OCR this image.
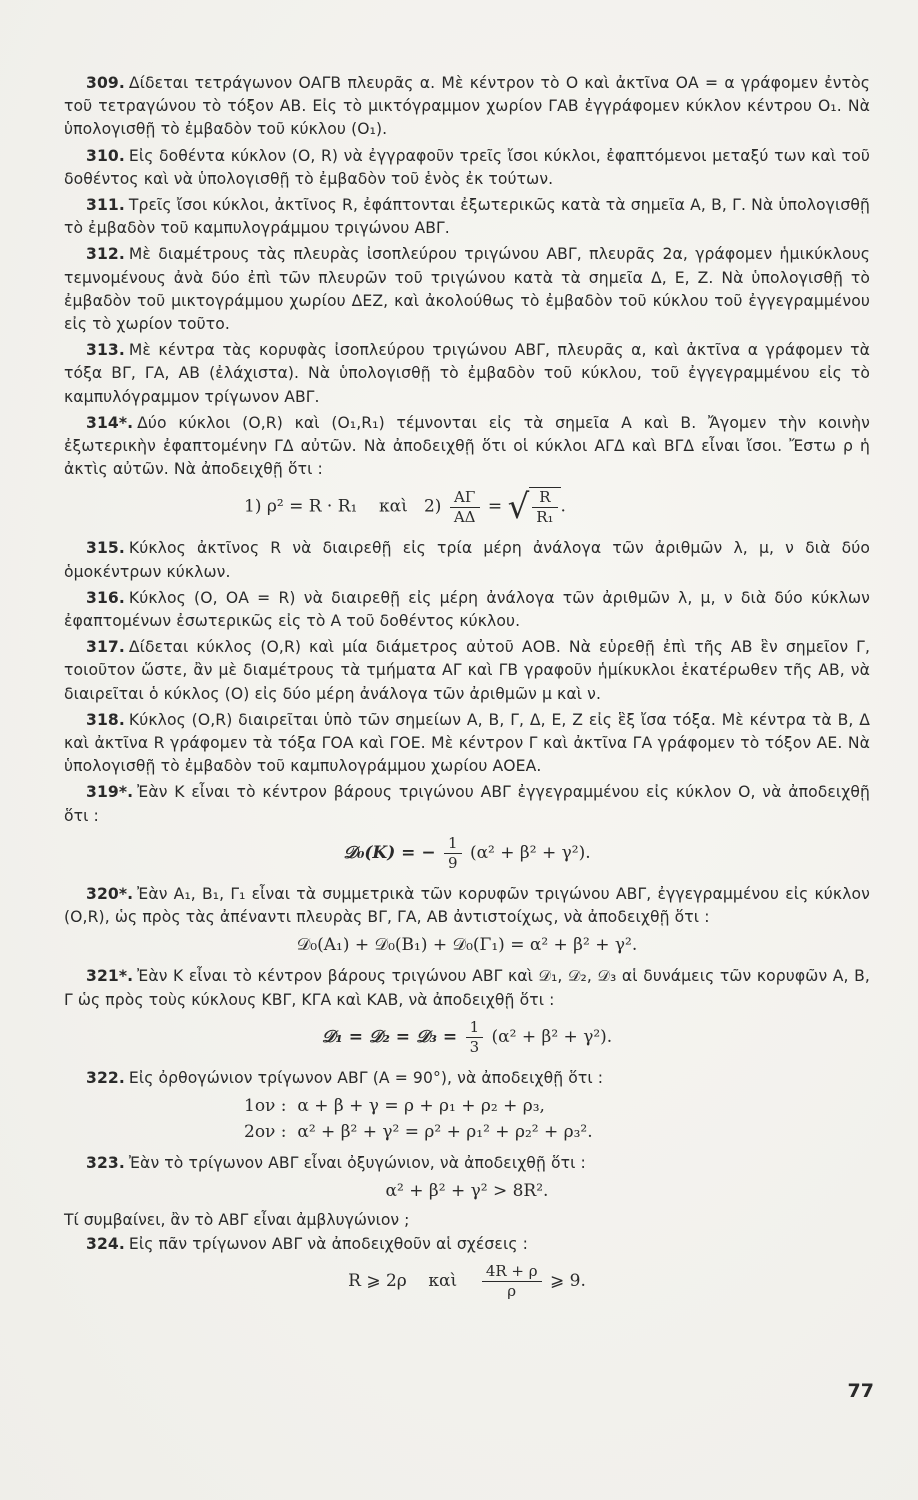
309. Δίδεται τετράγωνον ΟΑΓΒ πλευρᾶς α. Μὲ κέντρον τὸ Ο καὶ ἀκτῖνα ΟΑ = α γράφομεν ἐντὸς τοῦ τετραγώνου τὸ τόξον ΑΒ. Εἰς τὸ μικτόγραμμον χωρίον ΓΑΒ ἐγγράφομεν κύκλον κέντρου Ο₁. Νὰ ὑπολογισθῇ τὸ ἐμβαδὸν τοῦ κύκλου (Ο₁).

310. Εἰς δοθέντα κύκλον (Ο, R) νὰ ἐγγραφοῦν τρεῖς ἴσοι κύκλοι, ἐφαπτόμενοι μεταξύ των καὶ τοῦ δοθέντος καὶ νὰ ὑπολογισθῇ τὸ ἐμβαδὸν τοῦ ἑνὸς ἐκ τούτων.

311. Τρεῖς ἴσοι κύκλοι, ἀκτῖνος R, ἐφάπτονται ἐξωτερικῶς κατὰ τὰ σημεῖα Α, Β, Γ. Νὰ ὑπολογισθῇ τὸ ἐμβαδὸν τοῦ καμπυλογράμμου τριγώνου ΑΒΓ.

312. Μὲ διαμέτρους τὰς πλευρὰς ἰσοπλεύρου τριγώνου ΑΒΓ, πλευρᾶς 2α, γράφομεν ἡμικύκλους τεμνομένους ἀνὰ δύο ἐπὶ τῶν πλευρῶν τοῦ τριγώνου κατὰ τὰ σημεῖα Δ, Ε, Ζ. Νὰ ὑπολογισθῇ τὸ ἐμβαδὸν τοῦ μικτογράμμου χωρίου ΔΕΖ, καὶ ἀκολούθως τὸ ἐμβαδὸν τοῦ κύκλου τοῦ ἐγγεγραμμένου εἰς τὸ χωρίον τοῦτο.

313. Μὲ κέντρα τὰς κορυφὰς ἰσοπλεύρου τριγώνου ΑΒΓ, πλευρᾶς α, καὶ ἀκτῖνα α γράφομεν τὰ τόξα ΒΓ, ΓΑ, ΑΒ (ἐλάχιστα). Νὰ ὑπολογισθῇ τὸ ἐμβαδὸν τοῦ κύκλου, τοῦ ἐγγεγραμμένου εἰς τὸ καμπυλόγραμμον τρίγωνον ΑΒΓ.

314*. Δύο κύκλοι (Ο,R) καὶ (Ο₁,R₁) τέμνονται εἰς τὰ σημεῖα Α καὶ Β. Ἄγομεν τὴν κοινὴν ἐξωτερικὴν ἐφαπτομένην ΓΔ αὐτῶν. Νὰ ἀποδειχθῇ ὅτι οἱ κύκλοι ΑΓΔ καὶ ΒΓΔ εἶναι ἴσοι. Ἔστω ρ ἡ ἀκτὶς αὐτῶν. Νὰ ἀποδειχθῇ ὅτι :

1) ρ² = R · R₁ καὶ $2) \frac{A\Gamma}{A\Delta}$ = √ $\frac{R}{\text{R₁}}$ .

315. Κύκλος ἀκτῖνος R νὰ διαιρεθῇ εἰς τρία μέρη ἀνάλογα τῶν ἀριθμῶν λ, μ, ν διὰ δύο ὁμοκέντρων κύκλων.

316. Κύκλος (Ο, ΟΑ = R) νὰ διαιρεθῇ εἰς μέρη ἀνάλογα τῶν ἀριθμῶν λ, μ, ν διὰ δύο κύκλων ἐφαπτομένων ἐσωτερικῶς εἰς τὸ Α τοῦ δοθέντος κύκλου.

317. Δίδεται κύκλος (Ο,R) καὶ μία διάμετρος αὐτοῦ ΑΟΒ. Νὰ εὑρεθῇ ἐπὶ τῆς ΑΒ ἓν σημεῖον Γ, τοιοῦτον ὥστε, ἂν μὲ διαμέτρους τὰ τμήματα ΑΓ καὶ ΓΒ γραφοῦν ἡμίκυκλοι ἑκατέρωθεν τῆς ΑΒ, νὰ διαιρεῖται ὁ κύκλος (Ο) εἰς δύο μέρη ἀνάλογα τῶν ἀριθμῶν μ καὶ ν.

318. Κύκλος (Ο,R) διαιρεῖται ὑπὸ τῶν σημείων Α, Β, Γ, Δ, Ε, Ζ εἰς ἓξ ἴσα τόξα. Μὲ κέντρα τὰ Β, Δ καὶ ἀκτῖνα R γράφομεν τὰ τόξα ΓΟΑ καὶ ΓΟΕ. Μὲ κέντρον Γ καὶ ἀκτῖνα ΓΑ γράφομεν τὸ τόξον ΑΕ. Νὰ ὑπολογισθῇ τὸ ἐμβαδὸν τοῦ καμπυλογράμμου χωρίου ΑΟΕΑ.

319*. Ἐὰν Κ εἶναι τὸ κέντρον βάρους τριγώνου ΑΒΓ ἐγγεγραμμένου εἰς κύκλον Ο, νὰ ἀποδειχθῇ ὅτι :

𝒟₀(Κ) = − $\frac{1}{9} (\alpha^2 + \beta^2 + \gamma^2)$.

320*. Ἐὰν Α₁, Β₁, Γ₁ εἶναι τὰ συμμετρικὰ τῶν κορυφῶν τριγώνου ΑΒΓ, ἐγγεγραμμένου εἰς κύκλον (Ο,R), ὡς πρὸς τὰς ἀπέναντι πλευρὰς ΒΓ, ΓΑ, ΑΒ ἀντιστοίχως, νὰ ἀποδειχθῇ ὅτι :

𝒟₀(Α₁) + 𝒟₀(Β₁) + 𝒟₀(Γ₁) = α² + β² + γ².

321*. Ἐὰν Κ εἶναι τὸ κέντρον βάρους τριγώνου ΑΒΓ καὶ 𝒟₁, 𝒟₂, 𝒟₃ αἱ δυνάμεις τῶν κορυφῶν Α, Β, Γ ὡς πρὸς τοὺς κύκλους ΚΒΓ, ΚΓΑ καὶ ΚΑΒ, νὰ ἀποδειχθῇ ὅτι :

𝒟₁ = 𝒟₂ = 𝒟₃ = $\frac{1}{3} (\alpha^2 + \beta^2 + \gamma^2)$.

322. Εἰς ὀρθογώνιον τρίγωνον ΑΒΓ (Α = 90°), νὰ ἀποδειχθῇ ὅτι :

1ον : α + β + γ = ρ + ρ₁ + ρ₂ + ρ₃,
2ον : α² + β² + γ² = ρ² + ρ₁² + ρ₂² + ρ₃².

323. Ἐὰν τὸ τρίγωνον ΑΒΓ εἶναι ὀξυγώνιον, νὰ ἀποδειχθῇ ὅτι :

α² + β² + γ² > 8R².

Τί συμβαίνει, ἂν τὸ ΑΒΓ εἶναι ἀμβλυγώνιον ;

324. Εἰς πᾶν τρίγωνον ΑΒΓ νὰ ἀποδειχθοῦν αἱ σχέσεις :

R ⩾ 2ρ καὶ $\frac{4R + \rho}{\rho}$ ⩾ 9.
77
